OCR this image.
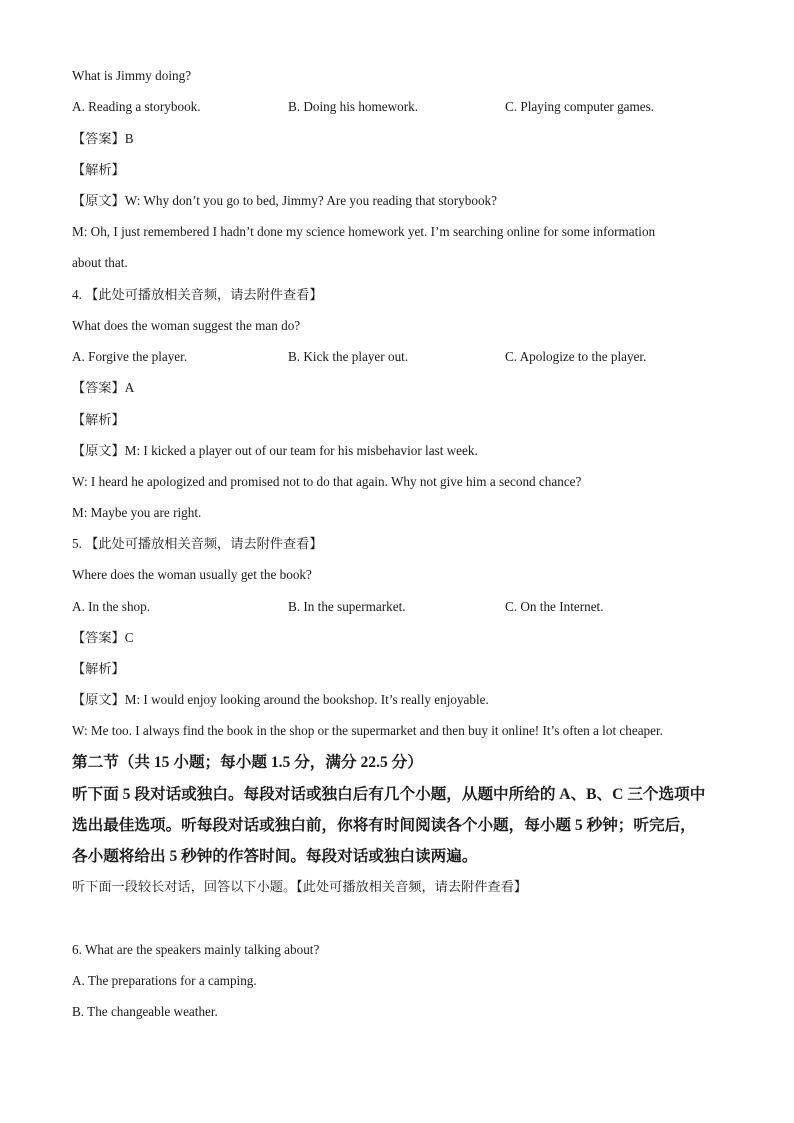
What is Jimmy doing?
A. Reading a storybook.	B. Doing his homework.	C. Playing computer games.
【答案】B
【解析】
【原文】W: Why don’t you go to bed, Jimmy? Are you reading that storybook?
M: Oh, I just remembered I hadn’t done my science homework yet. I’m searching online for some information
about that.
4. 【此处可播放相关音频，请去附件查看】
What does the woman suggest the man do?
A. Forgive the player.	B. Kick the player out.	C. Apologize to the player.
【答案】A
【解析】
【原文】M: I kicked a player out of our team for his misbehavior last week.
W: I heard he apologized and promised not to do that again. Why not give him a second chance?
M: Maybe you are right.
5. 【此处可播放相关音频，请去附件查看】
Where does the woman usually get the book?
A. In the shop.	B. In the supermarket.	C. On the Internet.
【答案】C
【解析】
【原文】M: I would enjoy looking around the bookshop. It’s really enjoyable.
W: Me too. I always find the book in the shop or the supermarket and then buy it online! It’s often a lot cheaper.
第二节（共 15 小题；每小题 1.5 分，满分 22.5 分）
听下面 5 段对话或独白。每段对话或独白后有几个小题，从题中所给的 A、B、C 三个选项中
选出最佳选项。听每段对话或独白前，你将有时间阅读各个小题，每小题 5 秒钟；听完后，
各小题将给出 5 秒钟的作答时间。每段对话或独白读两遍。
听下面一段较长对话，回答以下小题。【此处可播放相关音频，请去附件查看】
6. What are the speakers mainly talking about?
A. The preparations for a camping.
B. The changeable weather.
